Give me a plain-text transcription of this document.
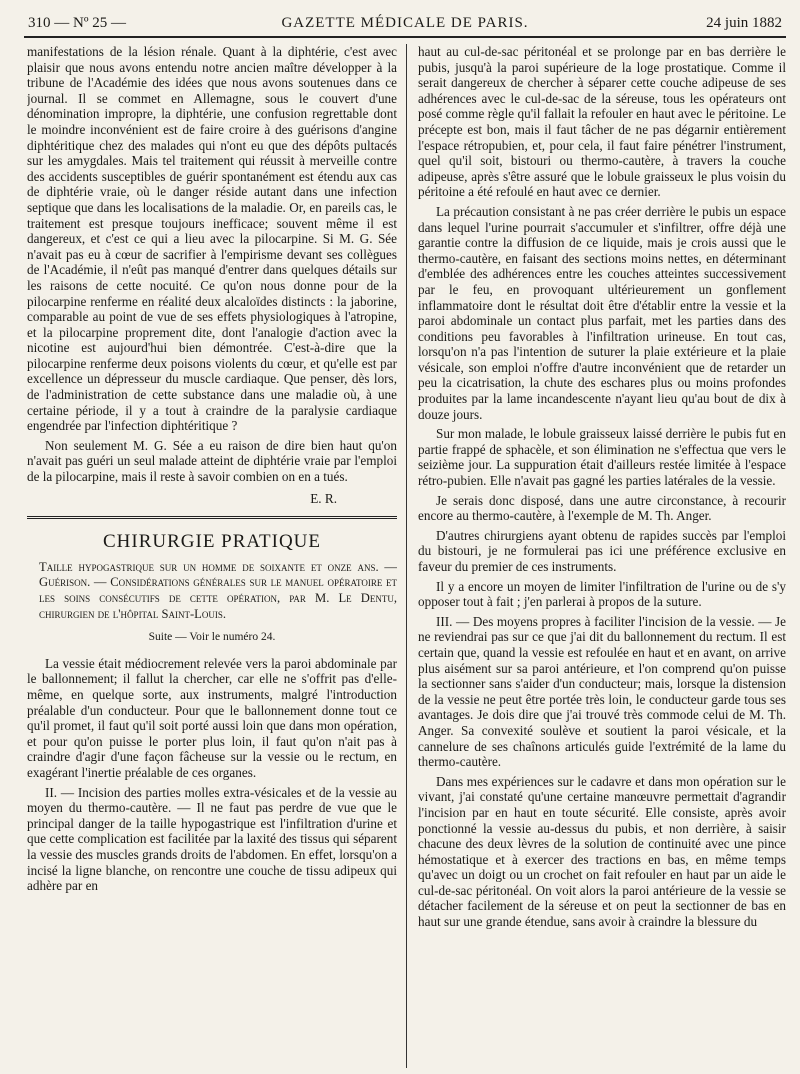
310 — Nº 25 —	GAZETTE MÉDICALE DE PARIS.	24 juin 1882

manifestations de la lésion rénale. Quant à la diphtérie, c'est avec plaisir que nous avons entendu notre ancien maître développer à la tribune de l'Académie des idées que nous avons soutenues dans ce journal. Il se commet en Allemagne, sous le couvert d'une dénomination impropre, la diphtérie, une confusion regrettable dont le moindre inconvénient est de faire croire à des guérisons d'angine diphtéritique chez des malades qui n'ont eu que des dépôts pultacés sur les amygdales. Mais tel traitement qui réussit à merveille contre des accidents susceptibles de guérir spontanément est étendu aux cas de diphtérie vraie, où le danger réside autant dans une infection septique que dans les localisations de la maladie. Or, en pareils cas, le traitement est presque toujours inefficace; souvent même il est dangereux, et c'est ce qui a lieu avec la pilocarpine. Si M. G. Sée n'avait pas eu à cœur de sacrifier à l'empirisme devant ses collègues de l'Académie, il n'eût pas manqué d'entrer dans quelques détails sur les raisons de cette nocuité. Ce qu'on nous donne pour de la pilocarpine renferme en réalité deux alcaloïdes distincts : la jaborine, comparable au point de vue de ses effets physiologiques à l'atropine, et la pilocarpine proprement dite, dont l'analogie d'action avec la nicotine est aujourd'hui bien démontrée. C'est-à-dire que la pilocarpine renferme deux poisons violents du cœur, et qu'elle est par excellence un dépresseur du muscle cardiaque. Que penser, dès lors, de l'administration de cette substance dans une maladie où, à une certaine période, il y a tout à craindre de la paralysie cardiaque engendrée par l'infection diphtéritique ?

Non seulement M. G. Sée a eu raison de dire bien haut qu'on n'avait pas guéri un seul malade atteint de diphtérie vraie par l'emploi de la pilocarpine, mais il reste à savoir combien on en a tués.

E. R.

CHIRURGIE PRATIQUE

Taille hypogastrique sur un homme de soixante et onze ans. — Guérison. — Considérations générales sur le manuel opératoire et les soins consécutifs de cette opération, par M. Le Dentu, chirurgien de l'hôpital Saint-Louis.

Suite — Voir le numéro 24.

La vessie était médiocrement relevée vers la paroi abdominale par le ballonnement; il fallut la chercher, car elle ne s'offrit pas d'elle-même, en quelque sorte, aux instruments, malgré l'introduction préalable d'un conducteur. Pour que le ballonnement donne tout ce qu'il promet, il faut qu'il soit porté aussi loin que dans mon opération, et pour qu'on puisse le porter plus loin, il faut qu'on n'ait pas à craindre d'agir d'une façon fâcheuse sur la vessie ou le rectum, en exagérant l'inertie préalable de ces organes.

II. — Incision des parties molles extra-vésicales et de la vessie au moyen du thermo-cautère. — Il ne faut pas perdre de vue que le principal danger de la taille hypogastrique est l'infiltration d'urine et que cette complication est facilitée par la laxité des tissus qui séparent la vessie des muscles grands droits de l'abdomen. En effet, lorsqu'on a incisé la ligne blanche, on rencontre une couche de tissu adipeux qui adhère par en

haut au cul-de-sac péritonéal et se prolonge par en bas derrière le pubis, jusqu'à la paroi supérieure de la loge prostatique. Comme il serait dangereux de chercher à séparer cette couche adipeuse de ses adhérences avec le cul-de-sac de la séreuse, tous les opérateurs ont posé comme règle qu'il fallait la refouler en haut avec le péritoine. Le précepte est bon, mais il faut tâcher de ne pas dégarnir entièrement l'espace rétropubien, et, pour cela, il faut faire pénétrer l'instrument, quel qu'il soit, bistouri ou thermo-cautère, à travers la couche adipeuse, après s'être assuré que le lobule graisseux le plus voisin du péritoine a été refoulé en haut avec ce dernier.

La précaution consistant à ne pas créer derrière le pubis un espace dans lequel l'urine pourrait s'accumuler et s'infiltrer, offre déjà une garantie contre la diffusion de ce liquide, mais je crois aussi que le thermo-cautère, en faisant des sections moins nettes, en déterminant d'emblée des adhérences entre les couches atteintes successivement par le feu, en provoquant ultérieurement un gonflement inflammatoire dont le résultat doit être d'établir entre la vessie et la paroi abdominale un contact plus parfait, met les parties dans des conditions peu favorables à l'infiltration urineuse. En tout cas, lorsqu'on n'a pas l'intention de suturer la plaie extérieure et la plaie vésicale, son emploi n'offre d'autre inconvénient que de retarder un peu la cicatrisation, la chute des eschares plus ou moins profondes produites par la lame incandescente n'ayant lieu qu'au bout de dix à douze jours.

Sur mon malade, le lobule graisseux laissé derrière le pubis fut en partie frappé de sphacèle, et son élimination ne s'effectua que vers le seizième jour. La suppuration était d'ailleurs restée limitée à l'espace rétro-pubien. Elle n'avait pas gagné les parties latérales de la vessie.

Je serais donc disposé, dans une autre circonstance, à recourir encore au thermo-cautère, à l'exemple de M. Th. Anger.

D'autres chirurgiens ayant obtenu de rapides succès par l'emploi du bistouri, je ne formulerai pas ici une préférence exclusive en faveur du premier de ces instruments.

Il y a encore un moyen de limiter l'infiltration de l'urine ou de s'y opposer tout à fait ; j'en parlerai à propos de la suture.

III. — Des moyens propres à faciliter l'incision de la vessie. — Je ne reviendrai pas sur ce que j'ai dit du ballonnement du rectum. Il est certain que, quand la vessie est refoulée en haut et en avant, on arrive plus aisément sur sa paroi antérieure, et l'on comprend qu'on puisse la sectionner sans s'aider d'un conducteur; mais, lorsque la distension de la vessie ne peut être portée très loin, le conducteur garde tous ses avantages. Je dois dire que j'ai trouvé très commode celui de M. Th. Anger. Sa convexité soulève et soutient la paroi vésicale, et la cannelure de ses chaînons articulés guide l'extrémité de la lame du thermo-cautère.

Dans mes expériences sur le cadavre et dans mon opération sur le vivant, j'ai constaté qu'une certaine manœuvre permettait d'agrandir l'incision par en haut en toute sécurité. Elle consiste, après avoir ponctionné la vessie au-dessus du pubis, et non derrière, à saisir chacune des deux lèvres de la solution de continuité avec une pince hémostatique et à exercer des tractions en bas, en même temps qu'avec un doigt ou un crochet on fait refouler en haut par un aide le cul-de-sac péritonéal. On voit alors la paroi antérieure de la vessie se détacher facilement de la séreuse et on peut la sectionner de bas en haut sur une grande étendue, sans avoir à craindre la blessure du
